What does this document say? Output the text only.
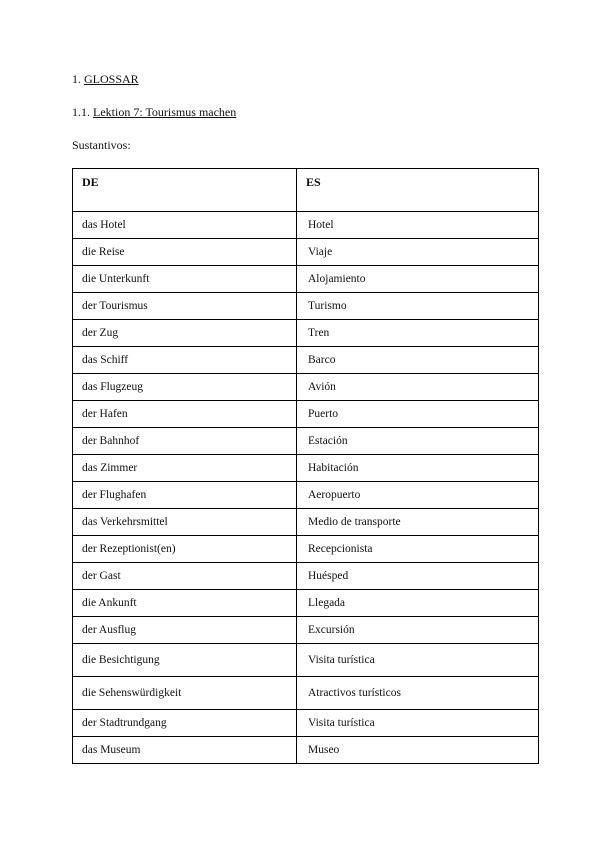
1. GLOSSAR
1.1. Lektion 7: Tourismus machen
Sustantivos:
DE	ES
das Hotel	Hotel
die Reise	Viaje
die Unterkunft	Alojamiento
der Tourismus	Turismo
der Zug	Tren
das Schiff	Barco
das Flugzeug	Avión
der Hafen	Puerto
der Bahnhof	Estación
das Zimmer	Habitación
der Flughafen	Aeropuerto
das Verkehrsmittel	Medio de transporte
der Rezeptionist(en)	Recepcionista
der Gast	Huésped
die Ankunft	Llegada
der Ausflug	Excursión
die Besichtigung	Visita turística
die Sehenswürdigkeit	Atractivos turísticos
der Stadtrundgang	Visita turística
das Museum	Museo
